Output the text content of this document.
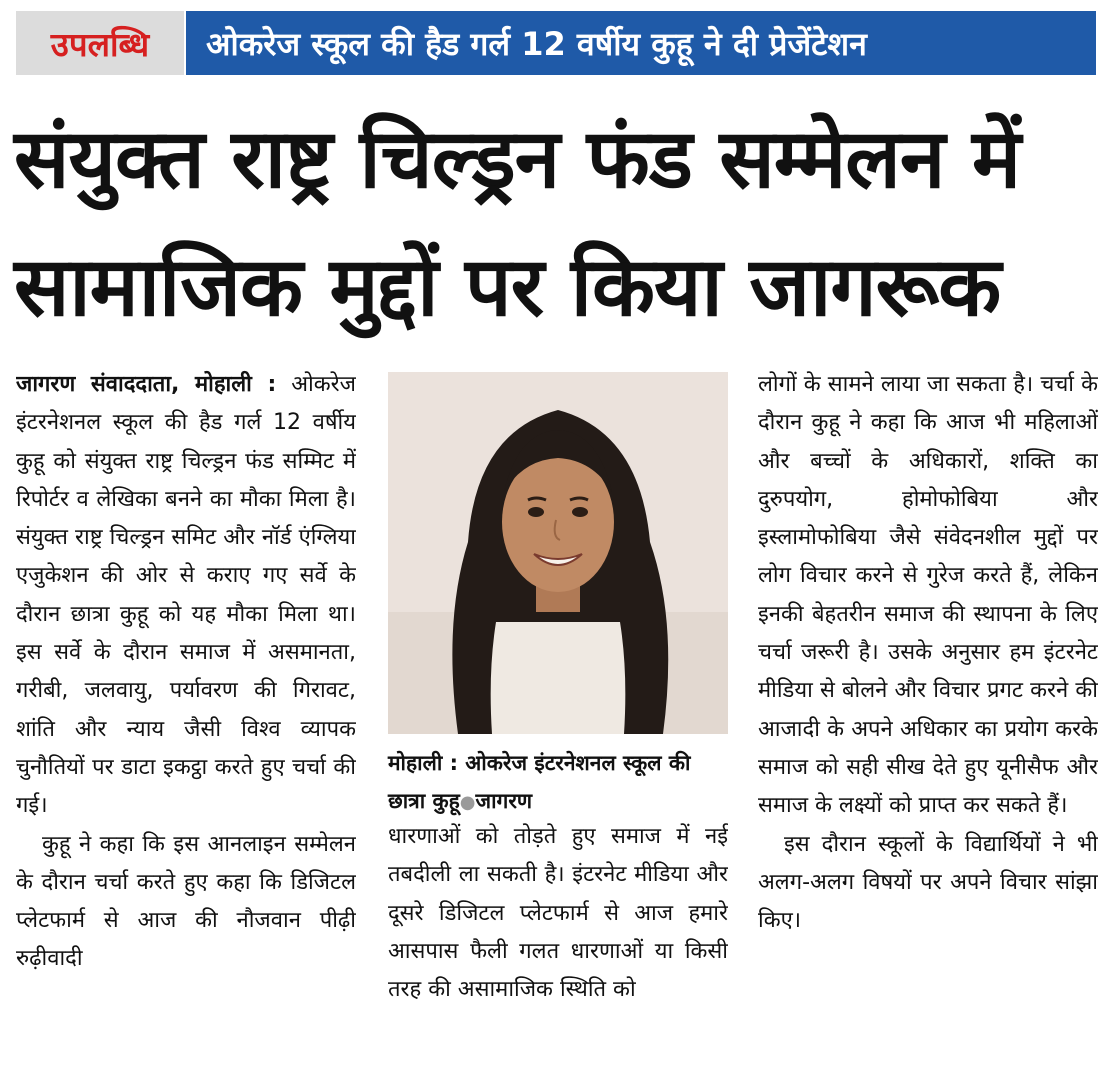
उपलब्धि	ओकरेज स्कूल की हैड गर्ल 12 वर्षीय कुहू ने दी प्रेजेंटेशन
संयुक्त राष्ट्र चिल्ड्रन फंड सम्मेलन में
सामाजिक मुद्दों पर किया जागरूक

जागरण संवाददाता, मोहाली : ओकरेज इंटरनेशनल स्कूल की हैड गर्ल 12 वर्षीय कुहू को संयुक्त राष्ट्र चिल्ड्रन फंड सम्मिट में रिपोर्टर व लेखिका बनने का मौका मिला है। संयुक्त राष्ट्र चिल्ड्रन समिट और नॉर्ड एंग्लिया एजुकेशन की ओर से कराए गए सर्वे के दौरान छात्रा कुहू को यह मौका मिला था। इस सर्वे के दौरान समाज में असमानता, गरीबी, जलवायु, पर्यावरण की गिरावट, शांति और न्याय जैसी विश्व व्यापक चुनौतियों पर डाटा इकट्ठा करते हुए चर्चा की गई।

कुहू ने कहा कि इस आनलाइन सम्मेलन के दौरान चर्चा करते हुए कहा कि डिजिटल प्लेटफार्म से आज की नौजवान पीढ़ी रुढ़ीवादी

मोहाली : ओकरेज इंटरनेशनल स्कूल की छात्रा कुहू●जागरण

धारणाओं को तोड़ते हुए समाज में नई तबदीली ला सकती है। इंटरनेट मीडिया और दूसरे डिजिटल प्लेटफार्म से आज हमारे आसपास फैली गलत धारणाओं या किसी तरह की असामाजिक स्थिति को

लोगों के सामने लाया जा सकता है। चर्चा के दौरान कुहू ने कहा कि आज भी महिलाओं और बच्चों के अधिकारों, शक्ति का दुरुपयोग, होमोफोबिया और इस्लामोफोबिया जैसे संवेदनशील मुद्दों पर लोग विचार करने से गुरेज करते हैं, लेकिन इनकी बेहतरीन समाज की स्थापना के लिए चर्चा जरूरी है। उसके अनुसार हम इंटरनेट मीडिया से बोलने और विचार प्रगट करने की आजादी के अपने अधिकार का प्रयोग करके समाज को सही सीख देते हुए यूनीसैफ और समाज के लक्ष्यों को प्राप्त कर सकते हैं।

इस दौरान स्कूलों के विद्यार्थियों ने भी अलग-अलग विषयों पर अपने विचार सांझा किए।
